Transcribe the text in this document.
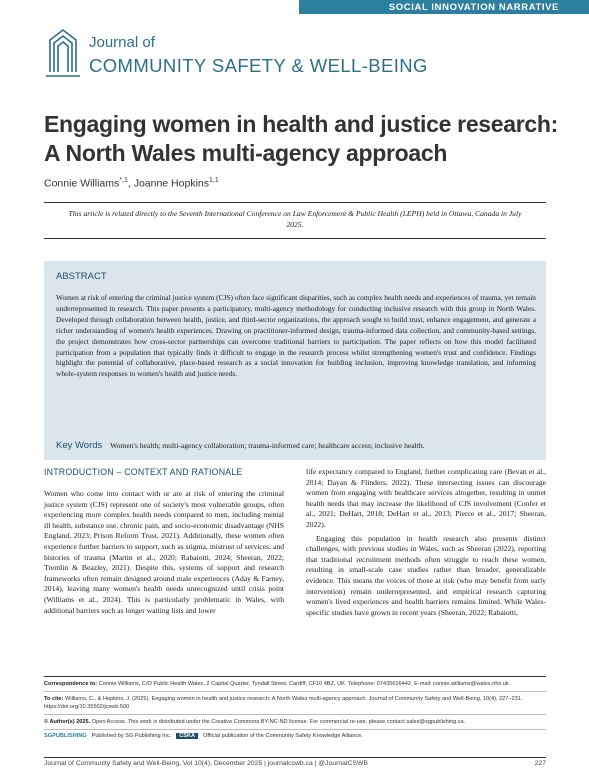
SOCIAL INNOVATION NARRATIVE
Journal of
COMMUNITY SAFETY & WELL-BEING
Engaging women in health and justice research: A North Wales multi-agency approach
Connie Williams$^{*,1}$, Joanne Hopkins$^{1,1}$
This article is related directly to the Seventh International Conference on Law Enforcement & Public Health (LEPH) held in Ottawa, Canada in July 2025.
ABSTRACT

Women at risk of entering the criminal justice system (CJS) often face significant disparities, such as complex health needs and experiences of trauma, yet remain underrepresented in research. This paper presents a participatory, multi-agency methodology for conducting inclusive research with this group in North Wales. Developed through collaboration between health, justice, and third-sector organizations, the approach sought to build trust, enhance engagement, and generate a richer understanding of women's health experiences. Drawing on practitioner-informed design, trauma-informed data collection, and community-based settings, the project demonstrates how cross-sector partnerships can overcome traditional barriers to participation. The paper reflects on how this model facilitated participation from a population that typically finds it difficult to engage in the research process whilst strengthening women's trust and confidence. Findings highlight the potential of collaborative, place-based research as a social innovation for building inclusion, improving knowledge translation, and informing whole-system responses to women's health and justice needs.

Key Words Women's health; multi-agency collaboration; trauma-informed care; healthcare access; inclusive health.
INTRODUCTION – CONTEXT AND RATIONALE

Women who come into contact with or are at risk of entering the criminal justice system (CJS) represent one of society's most vulnerable groups, often experiencing more complex health needs compared to men, including mental ill health, substance use, chronic pain, and socio-economic disadvantage (NHS England, 2023; Prison Reform Trust, 2021). Additionally, these women often experience further barriers to support, such as stigma, mistrust of services, and histories of trauma (Martin et al., 2020; Rabaiotti, 2024; Sheeran, 2022; Tremlin & Beazley, 2021). Despite this, systems of support and research frameworks often remain designed around male experiences (Aday & Farney, 2014), leaving many women's health needs unrecognized until crisis point (Williams et al., 2024). This is particularly problematic in Wales, with additional barriers such as longer waiting lists and lower

life expectancy compared to England, further complicating care (Bevan et al., 2014; Dayan & Flinders, 2022). These intersecting issues can discourage women from engaging with healthcare services altogether, resulting in unmet health needs that may increase the likelihood of CJS involvement (Confer et al., 2021; DeHart, 2018; DeHart et al., 2013; Pierce et al., 2017; Sheeran, 2022).

Engaging this population in health research also presents distinct challenges, with previous studies in Wales, such as Sheeran (2022), reporting that traditional recruitment methods often struggle to reach these women, resulting in small-scale case studies rather than broader, generalizable evidence. This means the voices of those at risk (who may benefit from early intervention) remain underrepresented, and empirical research capturing women's lived experiences and health barriers remains limited. While Wales-specific studies have grown in recent years (Sheeran, 2022; Rabaiotti,

Correspondence to: Connie Williams, C/O Public Health Wales, 2 Capital Quarter, Tyndall Street, Cardiff, CF10 4BZ, UK. Telephone: 07435616442. E-mail: connie.williams@wales.nhs.uk
To cite: Williams, C., & Hopkins, J. (2025). Engaging women in health and justice research: A North Wales multi-agency approach. Journal of Community Safety and Well-Being, 10(4), 227–231. https://doi.org/10.35502/jcswb.500
© Author(s) 2025. Open Access. This work is distributed under the Creative Commons BY-NC-ND license. For commercial re-use, please contact sales@sgpublishing.ca.
SGPUBLISHING Published by SG Publishing Inc.	CSKA	Official publication of the Community Safety Knowledge Alliance.
Journal of Community Safety and Well-Being, Vol 10(4), December 2025 | journalcswb.ca | @JournalCSWB	227
